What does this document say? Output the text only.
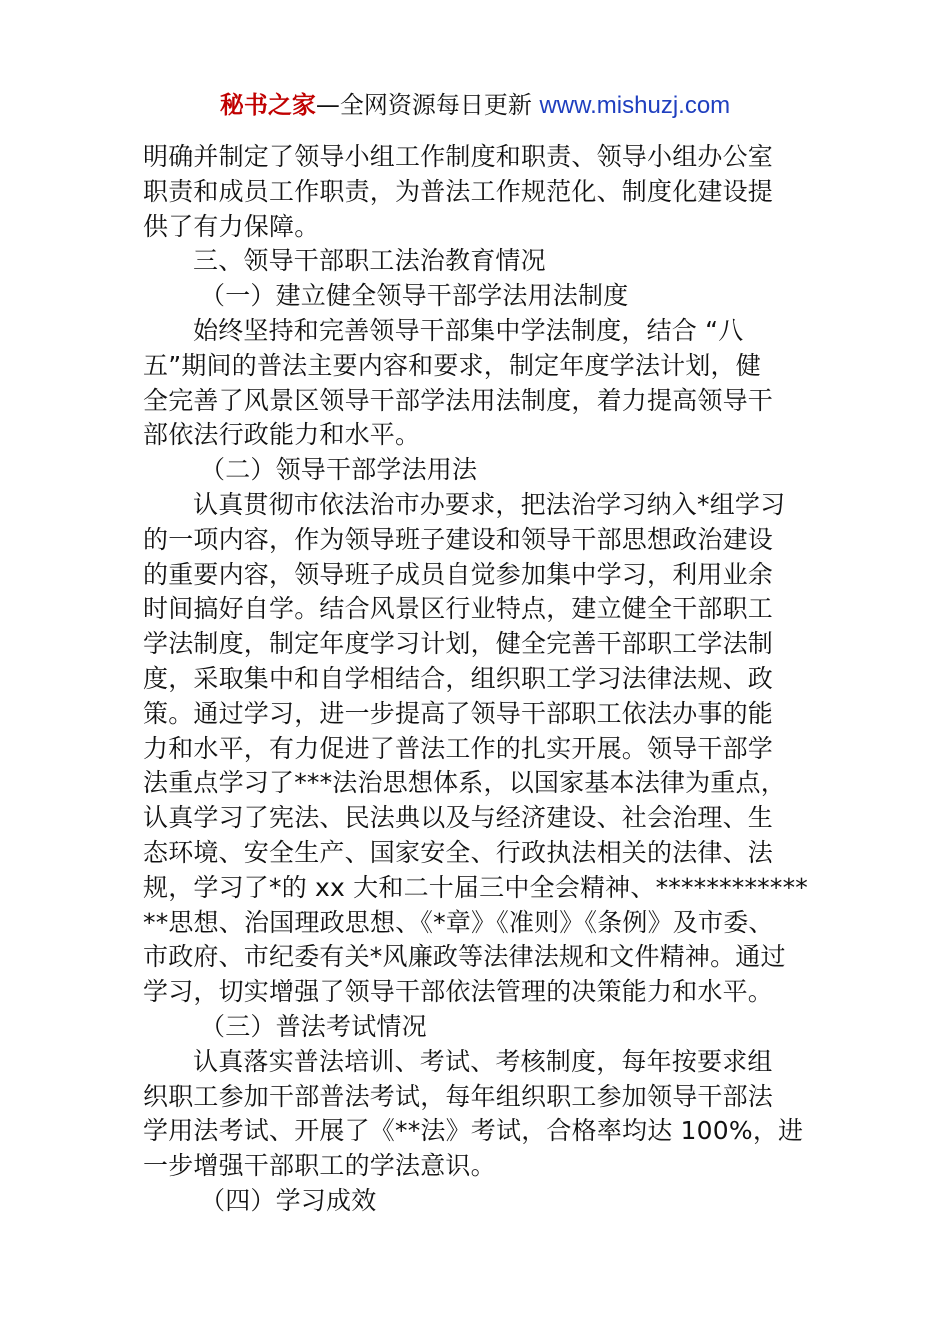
秘书之家—全网资源每日更新 www.mishuzj.com
明确并制定了领导小组工作制度和职责、领导小组办公室
职责和成员工作职责，为普法工作规范化、制度化建设提
供了有力保障。
三、领导干部职工法治教育情况
（一）建立健全领导干部学法用法制度
始终坚持和完善领导干部集中学法制度，结合 “八
五”期间的普法主要内容和要求，制定年度学法计划，健
全完善了风景区领导干部学法用法制度，着力提高领导干
部依法行政能力和水平。
（二）领导干部学法用法
认真贯彻市依法治市办要求，把法治学习纳入*组学习
的一项内容，作为领导班子建设和领导干部思想政治建设
的重要内容，领导班子成员自觉参加集中学习，利用业余
时间搞好自学。结合风景区行业特点，建立健全干部职工
学法制度，制定年度学习计划，健全完善干部职工学法制
度，采取集中和自学相结合，组织职工学习法律法规、政
策。通过学习，进一步提高了领导干部职工依法办事的能
力和水平，有力促进了普法工作的扎实开展。领导干部学
法重点学习了***法治思想体系，以国家基本法律为重点，
认真学习了宪法、民法典以及与经济建设、社会治理、生
态环境、安全生产、国家安全、行政执法相关的法律、法
规，学习了*的 xx 大和二十届三中全会精神、************
**思想、治国理政思想、《*章》《准则》《条例》及市委、
市政府、市纪委有关*风廉政等法律法规和文件精神。通过
学习，切实增强了领导干部依法管理的决策能力和水平。
（三）普法考试情况
认真落实普法培训、考试、考核制度，每年按要求组
织职工参加干部普法考试，每年组织职工参加领导干部法
学用法考试、开展了《**法》考试，合格率均达 100%，进
一步增强干部职工的学法意识。
（四）学习成效
